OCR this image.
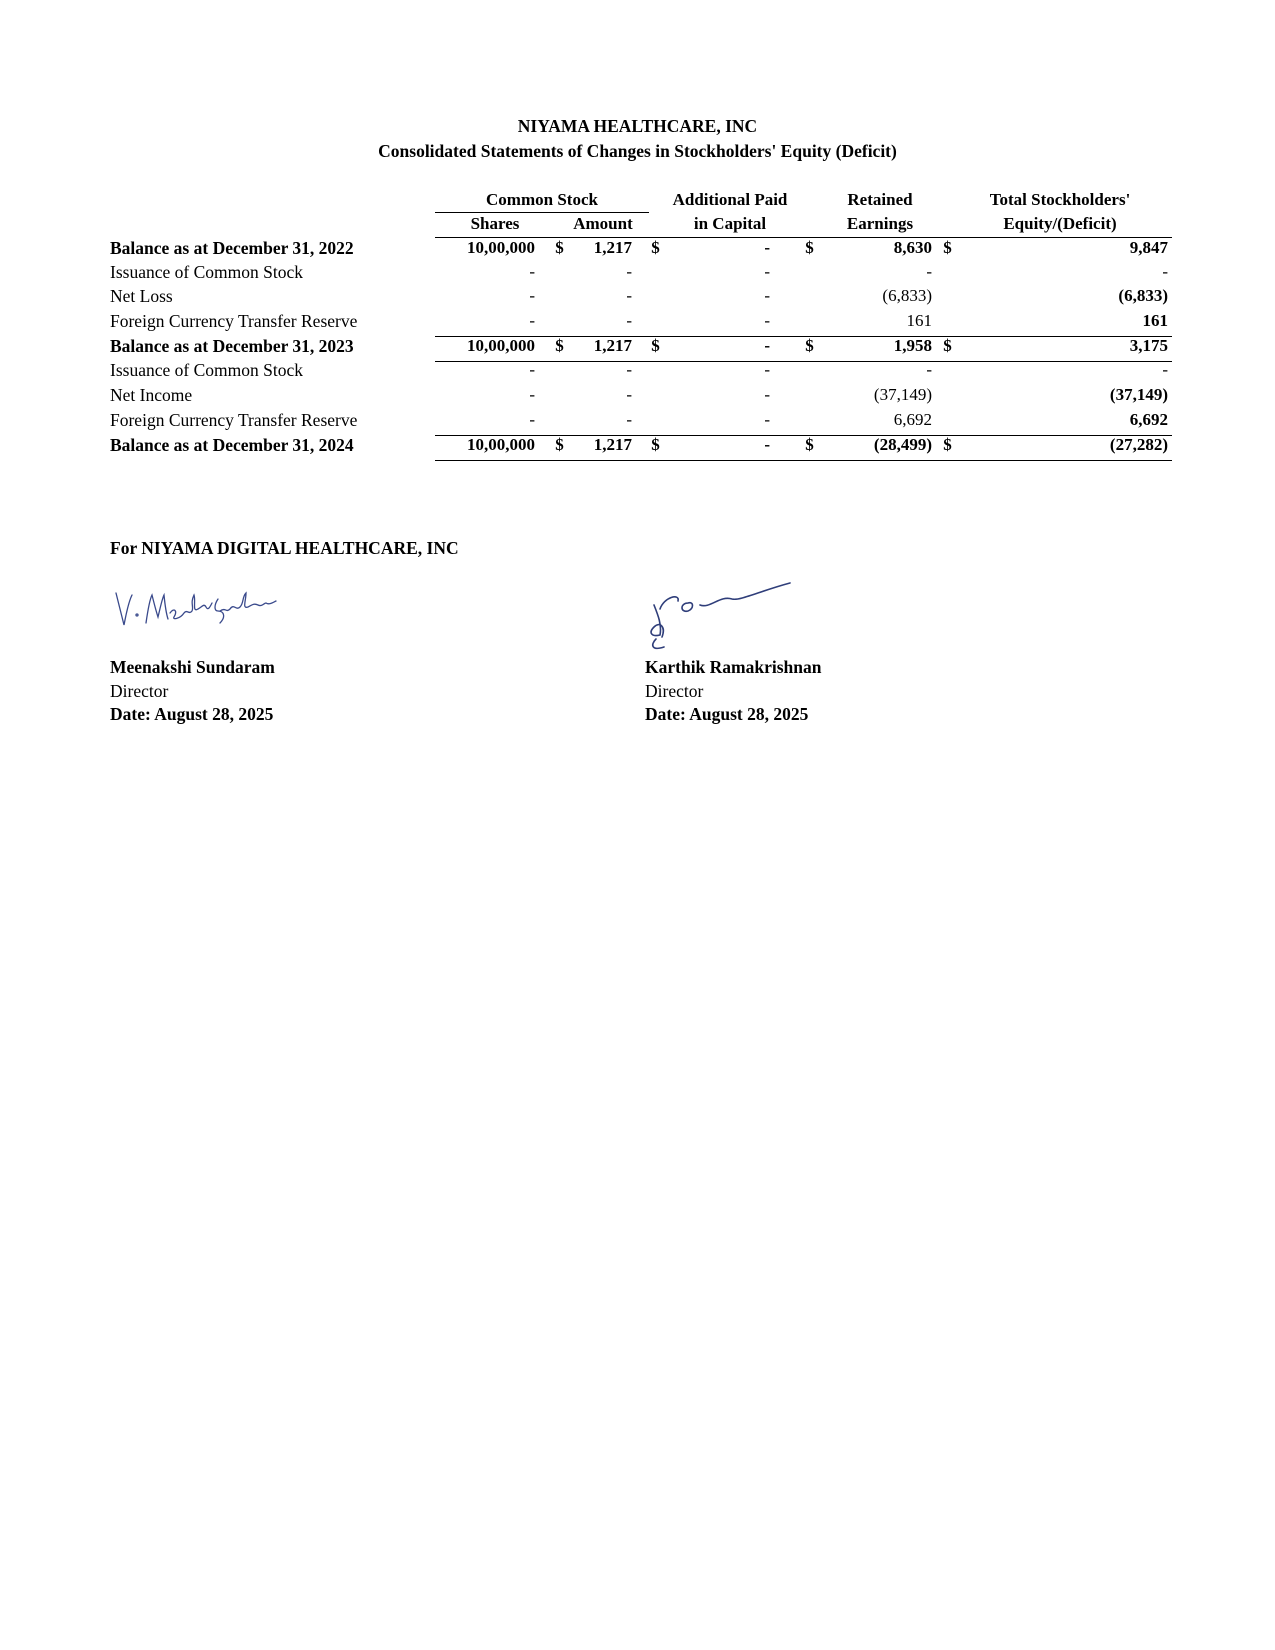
NIYAMA HEALTHCARE, INC
Consolidated Statements of Changes in Stockholders' Equity (Deficit)
Common Stock
Shares	Amount
Additional Paid
in Capital
Retained
Earnings
Total Stockholders'
Equity/(Deficit)
Balance as at December 31, 2022	10,00,000 $	1,217 $	- $	8,630 $	9,847
Issuance of Common Stock	-	-	-	-	-
Net Loss	-	-	-	(6,833)	(6,833)
Foreign Currency Transfer Reserve	-	-	-	161	161
Balance as at December 31, 2023	10,00,000 $	1,217 $	- $	1,958 $	3,175
Issuance of Common Stock	-	-	-	-	-
Net Income	-	-	-	(37,149)	(37,149)
Foreign Currency Transfer Reserve	-	-	-	6,692	6,692
Balance as at December 31, 2024	10,00,000 $	1,217 $	- $	(28,499) $	(27,282)
For NIYAMA DIGITAL HEALTHCARE, INC
Meenakshi Sundaram
Director
Date: August 28, 2025
Karthik Ramakrishnan
Director
Date: August 28, 2025
